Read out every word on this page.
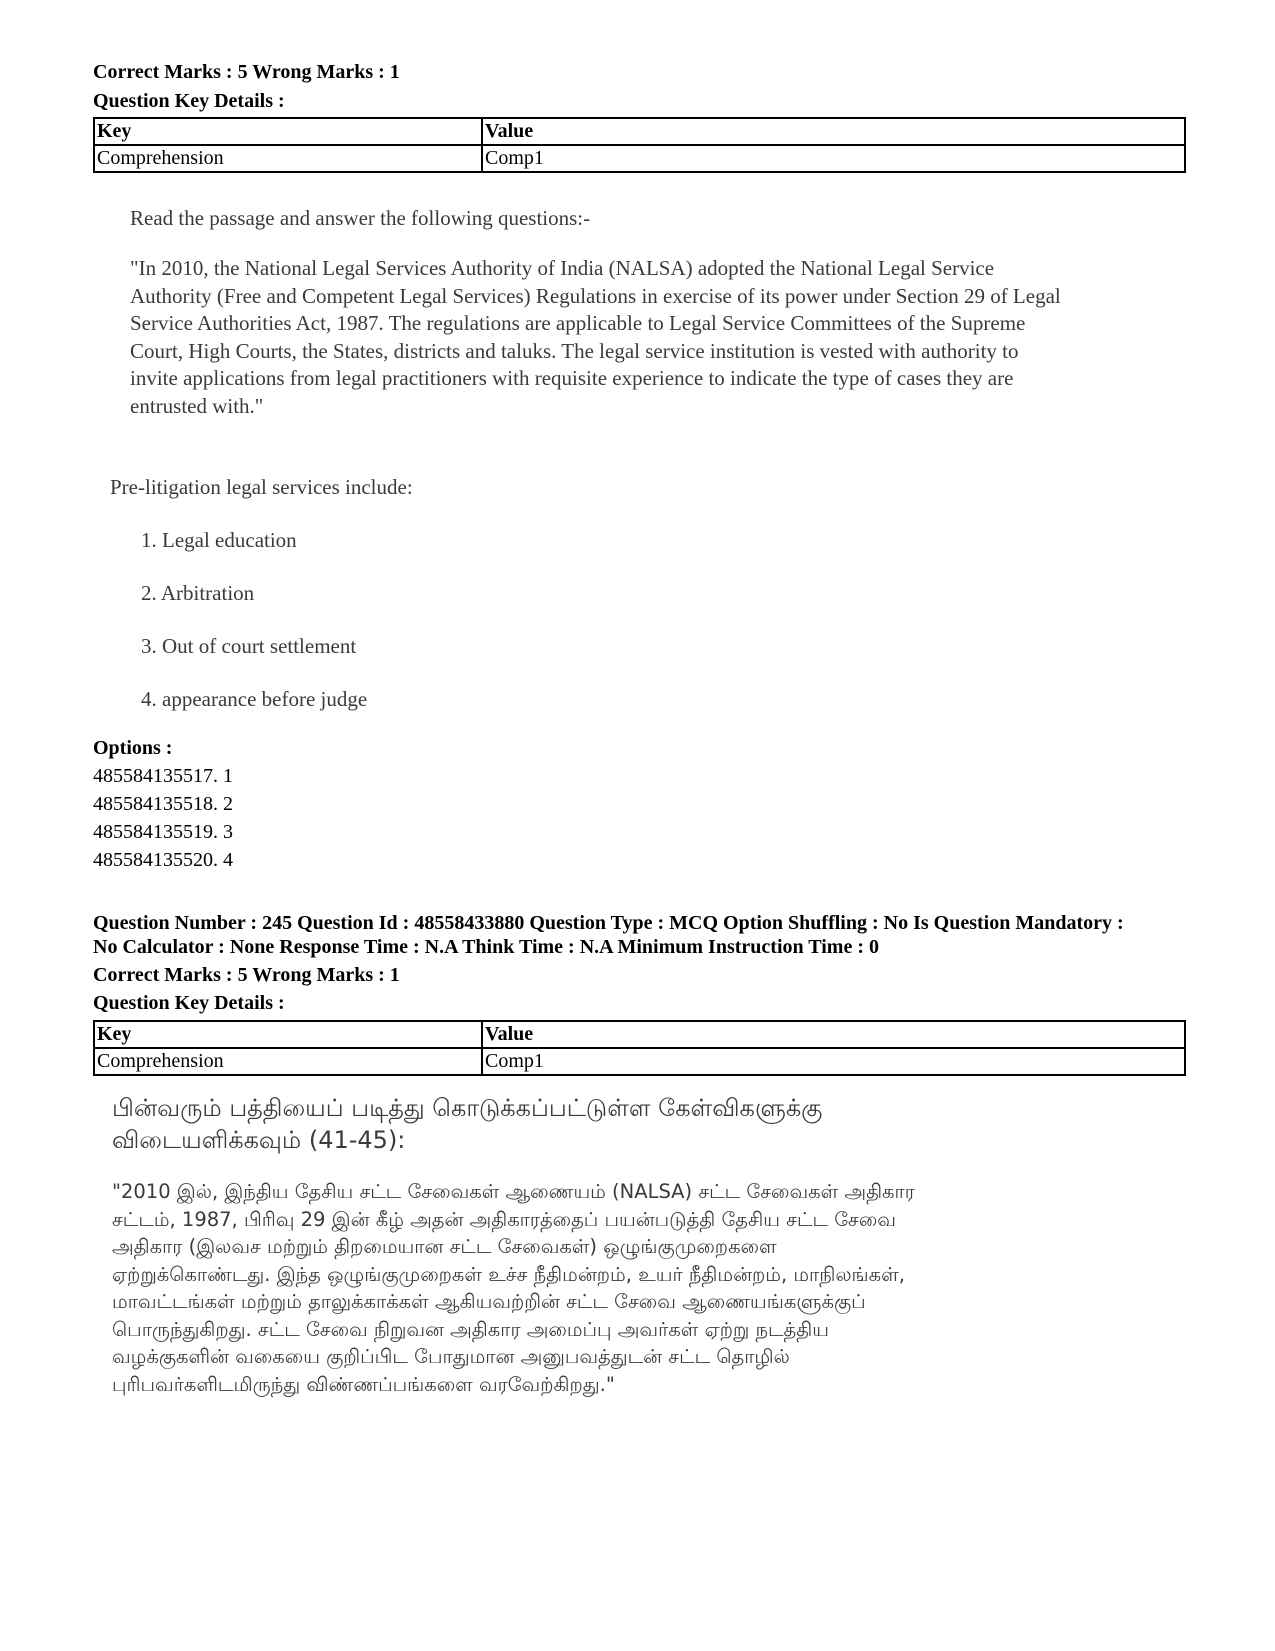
Correct Marks : 5 Wrong Marks : 1
Question Key Details :
Key	Value
Comprehension	Comp1
Read the passage and answer the following questions:-
"In 2010, the National Legal Services Authority of India (NALSA) adopted the National Legal Service
Authority (Free and Competent Legal Services) Regulations in exercise of its power under Section 29 of Legal
Service Authorities Act, 1987. The regulations are applicable to Legal Service Committees of the Supreme
Court, High Courts, the States, districts and taluks. The legal service institution is vested with authority to
invite applications from legal practitioners with requisite experience to indicate the type of cases they are
entrusted with."
Pre-litigation legal services include:
1. Legal education
2. Arbitration
3. Out of court settlement
4. appearance before judge
Options :
485584135517. 1
485584135518. 2
485584135519. 3
485584135520. 4
Question Number : 245 Question Id : 48558433880 Question Type : MCQ Option Shuffling : No Is Question Mandatory :
No Calculator : None Response Time : N.A Think Time : N.A Minimum Instruction Time : 0
Correct Marks : 5 Wrong Marks : 1
Question Key Details :
Key	Value
Comprehension	Comp1
பின்வரும் பத்தியைப் படித்து கொடுக்கப்பட்டுள்ள கேள்விகளுக்கு
விடையளிக்கவும் (41-45):
"2010 இல், இந்திய தேசிய சட்ட சேவைகள் ஆணையம் (NALSA) சட்ட சேவைகள் அதிகார
சட்டம், 1987, பிரிவு 29 இன் கீழ் அதன் அதிகாரத்தைப் பயன்படுத்தி தேசிய சட்ட சேவை
அதிகார (இலவச மற்றும் திறமையான சட்ட சேவைகள்) ஒழுங்குமுறைகளை
ஏற்றுக்கொண்டது. இந்த ஒழுங்குமுறைகள் உச்ச நீதிமன்றம், உயர் நீதிமன்றம், மாநிலங்கள்,
மாவட்டங்கள் மற்றும் தாலுக்காக்கள் ஆகியவற்றின் சட்ட சேவை ஆணையங்களுக்குப்
பொருந்துகிறது. சட்ட சேவை நிறுவன அதிகார அமைப்பு அவர்கள் ஏற்று நடத்திய
வழக்குகளின் வகையை குறிப்பிட போதுமான அனுபவத்துடன் சட்ட தொழில்
புரிபவர்களிடமிருந்து விண்ணப்பங்களை வரவேற்கிறது."
